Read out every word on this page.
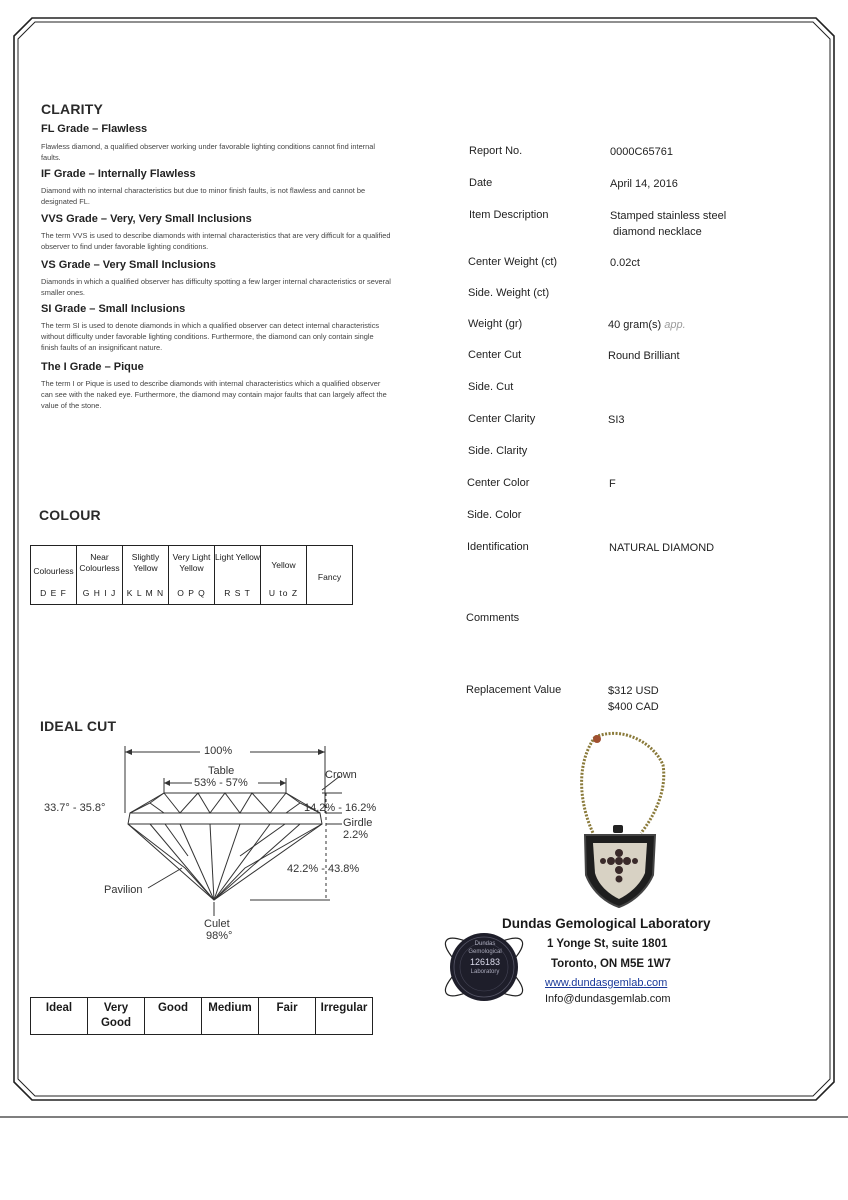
CLARITY
FL Grade – Flawless
Flawless diamond, a qualified observer working under favorable lighting conditions cannot find internal faults.
IF Grade – Internally Flawless
Diamond with no internal characteristics but due to minor finish faults, is not flawless and cannot be designated FL.
VVS Grade – Very, Very Small Inclusions
The term VVS is used to describe diamonds with internal characteristics that are very difficult for a qualified observer to find under favorable lighting conditions.
VS Grade – Very Small Inclusions
Diamonds in which a qualified observer has difficulty spotting a few larger internal characteristics or several smaller ones.
SI Grade – Small Inclusions
The term SI is used to denote diamonds in which a qualified observer can detect internal characteristics without difficulty under favorable lighting conditions. Furthermore, the diamond can only contain single finish faults of an insignificant nature.
The I Grade – Pique
The term I or Pique is used to describe diamonds with internal characteristics which a qualified observer can see with the naked eye. Furthermore, the diamond may contain major faults that can largely affect the value of the stone.
COLOUR
Colourless
D E F

Near Colourless
G H I J

Slightly Yellow
K L M N

Very Light Yellow
O P Q

Light Yellow
R S T

Yellow
U to Z

Fancy
IDEAL CUT
100%
Table
53% - 57%
Crown
33.7° - 35.8°	14.2% - 16.2%
Girdle
2.2%
42.2% - 43.8%
Pavilion
Culet
98%°
Ideal	Very Good	Good	Medium	Fair	Irregular
Report No.	0000C65761
Date	April 14, 2016
Item Description	Stamped stainless steel
diamond necklace
Center Weight (ct)	0.02ct
Side. Weight (ct)
Weight (gr)	40 gram(s) app.
Center Cut	Round Brilliant
Side. Cut
Center Clarity	SI3
Side. Clarity
Center Color	F
Side. Color
Identification	NATURAL DIAMOND
Comments
Replacement Value	$312 USD
$400 CAD
Dundas
Gemological
126183
Laboratory
Dundas Gemological Laboratory
1 Yonge St, suite 1801
Toronto, ON M5E 1W7
www.dundasgemlab.com
Info@dundasgemlab.com
